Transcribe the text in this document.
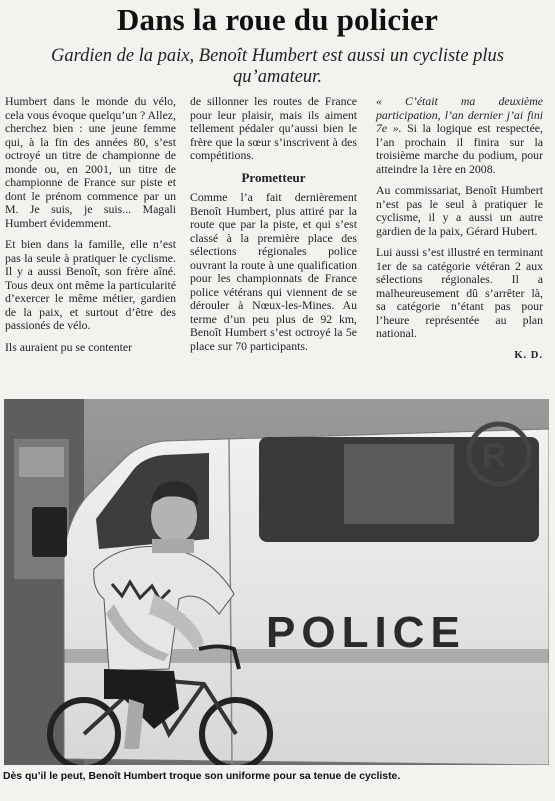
Dans la roue du policier
Gardien de la paix, Benoît Humbert est aussi un cycliste plus qu’amateur.

Humbert dans le monde du vélo, cela vous évoque quelqu’un ? Allez, cherchez bien : une jeune femme qui, à la fin des années 80, s’est octroyé un titre de championne de monde ou, en 2001, un titre de championne de France sur piste et dont le prénom commence par un M. Je suis, je suis... Magali Humbert évidemment.

Et bien dans la famille, elle n’est pas la seule à pratiquer le cyclisme. Il y a aussi Benoît, son frère aîné. Tous deux ont même la particularité d’exercer le même métier, gardien de la paix, et surtout d’être des passionés de vélo.

Ils auraient pu se contenter

de sillonner les routes de France pour leur plaisir, mais ils aiment tellement pédaler qu’aussi bien le frère que la sœur s’inscrivent à des compétitions.

Prometteur

Comme l’a fait dernièrement Benoît Humbert, plus attiré par la route que par la piste, et qui s’est classé à la première place des sélections régionales police ouvrant la route à une qualification pour les championnats de France police vétérans qui viennent de se dérouler à Nœux-les-Mines. Au terme d’un peu plus de 92 km, Benoît Humbert s’est octroyé la 5e place sur 70 participants.

« C’était ma deuxième participation, l’an dernier j’ai fini 7e ». Si la logique est respectée, l’an prochain il finira sur la troisième marche du podium, pour atteindre la 1ère en 2008.

Au commissariat, Benoît Humbert n’est pas le seul à pratiquer le cyclisme, il y a aussi un autre gardien de la paix, Gérard Hubert.

Lui aussi s’est illustré en terminant 1er de sa catégorie vétéran 2 aux sélections régionales. Il a malheureusement dû s’arrêter là, sa catégorie n’étant pas pour l’heure représentée au plan national.

K. D.
R
POLICE
Dès qu’il le peut, Benoît Humbert troque son uniforme pour sa tenue de cycliste.
